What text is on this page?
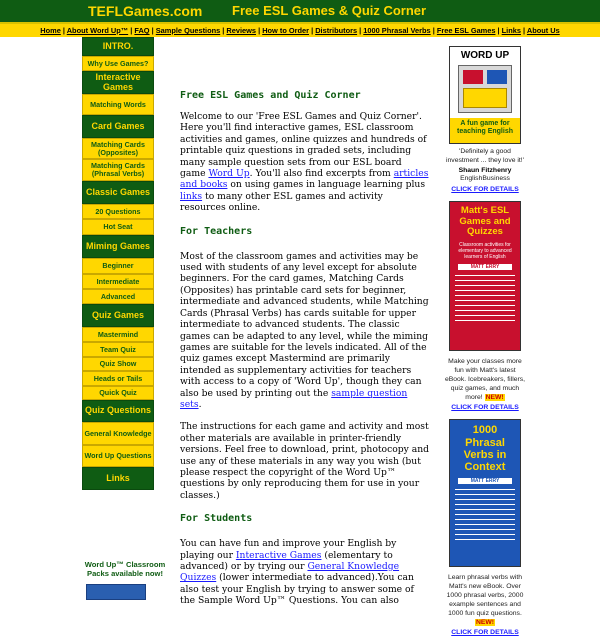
TEFLGames.com Free ESL Games & Quiz Corner
Home | About Word Up™ | FAQ | Sample Questions | Reviews | How to Order | Distributors | 1000 Phrasal Verbs | Free ESL Games | Links | About Us
INTRO.
Why Use Games?
Interactive Games
Matching Words
Card Games
Matching Cards (Opposites)
Matching Cards (Phrasal Verbs)
Classic Games
20 Questions
Hot Seat
Miming Games
Beginner
Intermediate
Advanced
Quiz Games
Mastermind
Team Quiz
Quiz Show
Heads or Tails
Quick Quiz
Quiz Questions
General Knowledge
Word Up Questions
Links
Word Up™ Classroom Packs available now!
Free ESL Games and Quiz Corner

Welcome to our 'Free ESL Games and Quiz Corner'. Here you'll find interactive games, ESL classroom activities and games, online quizzes and hundreds of printable quiz questions in graded sets, including many sample question sets from our ESL board game Word Up. You'll also find excerpts from articles and books on using games in language learning plus links to many other ESL games and activity resources online.

For Teachers

Most of the classroom games and activities may be used with students of any level except for absolute beginners. For the card games, Matching Cards (Opposites) has printable card sets for beginner, intermediate and advanced students, while Matching Cards (Phrasal Verbs) has cards suitable for upper intermediate to advanced students. The classic games can be adapted to any level, while the miming games are suitable for the levels indicated. All of the quiz games except Mastermind are primarily intended as supplementary activities for teachers with access to a copy of 'Word Up', though they can also be used by printing out the sample question sets.

The instructions for each game and activity and most other materials are available in printer-friendly versions. Feel free to download, print, photocopy and use any of these materials in any way you wish (but please respect the copyright of the Word Up™ questions by only reproducing them for use in your classes.)

For Students

You can have fun and improve your English by playing our Interactive Games (elementary to advanced) or by trying our General Knowledge Quizzes (lower intermediate to advanced).You can also test your English by trying to answer some of the Sample Word Up™ Questions. You can also

WORD UP
A fun game for teaching English
'Definitely a good investment ... they love it!'
Shaun Fitzhenry
EnglishBusiness
CLICK FOR DETAILS
Matt's ESL Games and Quizzes
Classroom activities for elementary to advanced learners of English
MATT ERRY
Make your classes more fun with Matt's latest eBook. Icebreakers, fillers, quiz games, and much more! NEW!
CLICK FOR DETAILS
1000 Phrasal Verbs in Context
MATT ERRY
Learn phrasal verbs with Matt's new eBook. Over 1000 phrasal verbs, 2000 example sentences and 1000 fun quiz questions. NEW!
CLICK FOR DETAILS
